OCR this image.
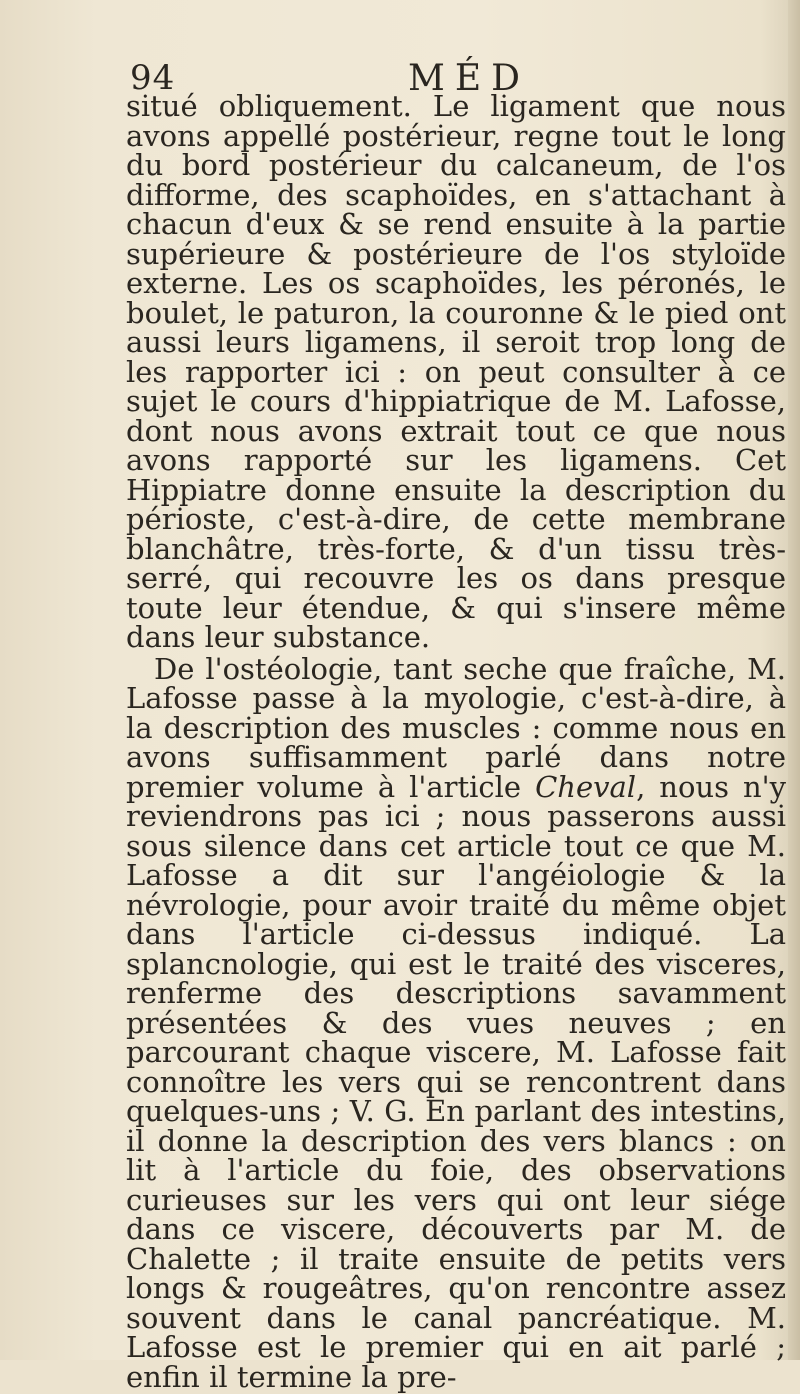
94	MÉD

situé obliquement. Le ligament que nous avons appellé postérieur, regne tout le long du bord postérieur du calcaneum, de l'os difforme, des scaphoïdes, en s'attachant à chacun d'eux & se rend ensuite à la partie supérieure & postérieure de l'os styloïde externe. Les os scaphoïdes, les péronés, le boulet, le paturon, la couronne & le pied ont aussi leurs ligamens, il seroit trop long de les rapporter ici : on peut consulter à ce sujet le cours d'hippiatrique de M. Lafosse, dont nous avons extrait tout ce que nous avons rapporté sur les ligamens. Cet Hippiatre donne ensuite la description du périoste, c'est-à-dire, de cette membrane blanchâtre, très-forte, & d'un tissu très-serré, qui recouvre les os dans presque toute leur étendue, & qui s'insere même dans leur substance.

De l'ostéologie, tant seche que fraîche, M. Lafosse passe à la myologie, c'est-à-dire, à la description des muscles : comme nous en avons suffisamment parlé dans notre premier volume à l'article Cheval, nous n'y reviendrons pas ici ; nous passerons aussi sous silence dans cet article tout ce que M. Lafosse a dit sur l'angéiologie & la névrologie, pour avoir traité du même objet dans l'article ci-dessus indiqué. La splancnologie, qui est le traité des visceres, renferme des descriptions savamment présentées & des vues neuves ; en parcourant chaque viscere, M. Lafosse fait connoître les vers qui se rencontrent dans quelques-uns ; V. G. En parlant des intestins, il donne la description des vers blancs : on lit à l'article du foie, des observations curieuses sur les vers qui ont leur siége dans ce viscere, découverts par M. de Chalette ; il traite ensuite de petits vers longs & rougeâtres, qu'on rencontre assez souvent dans le canal pancréatique. M. Lafosse est le premier qui en ait parlé ; enfin il termine la pre-
